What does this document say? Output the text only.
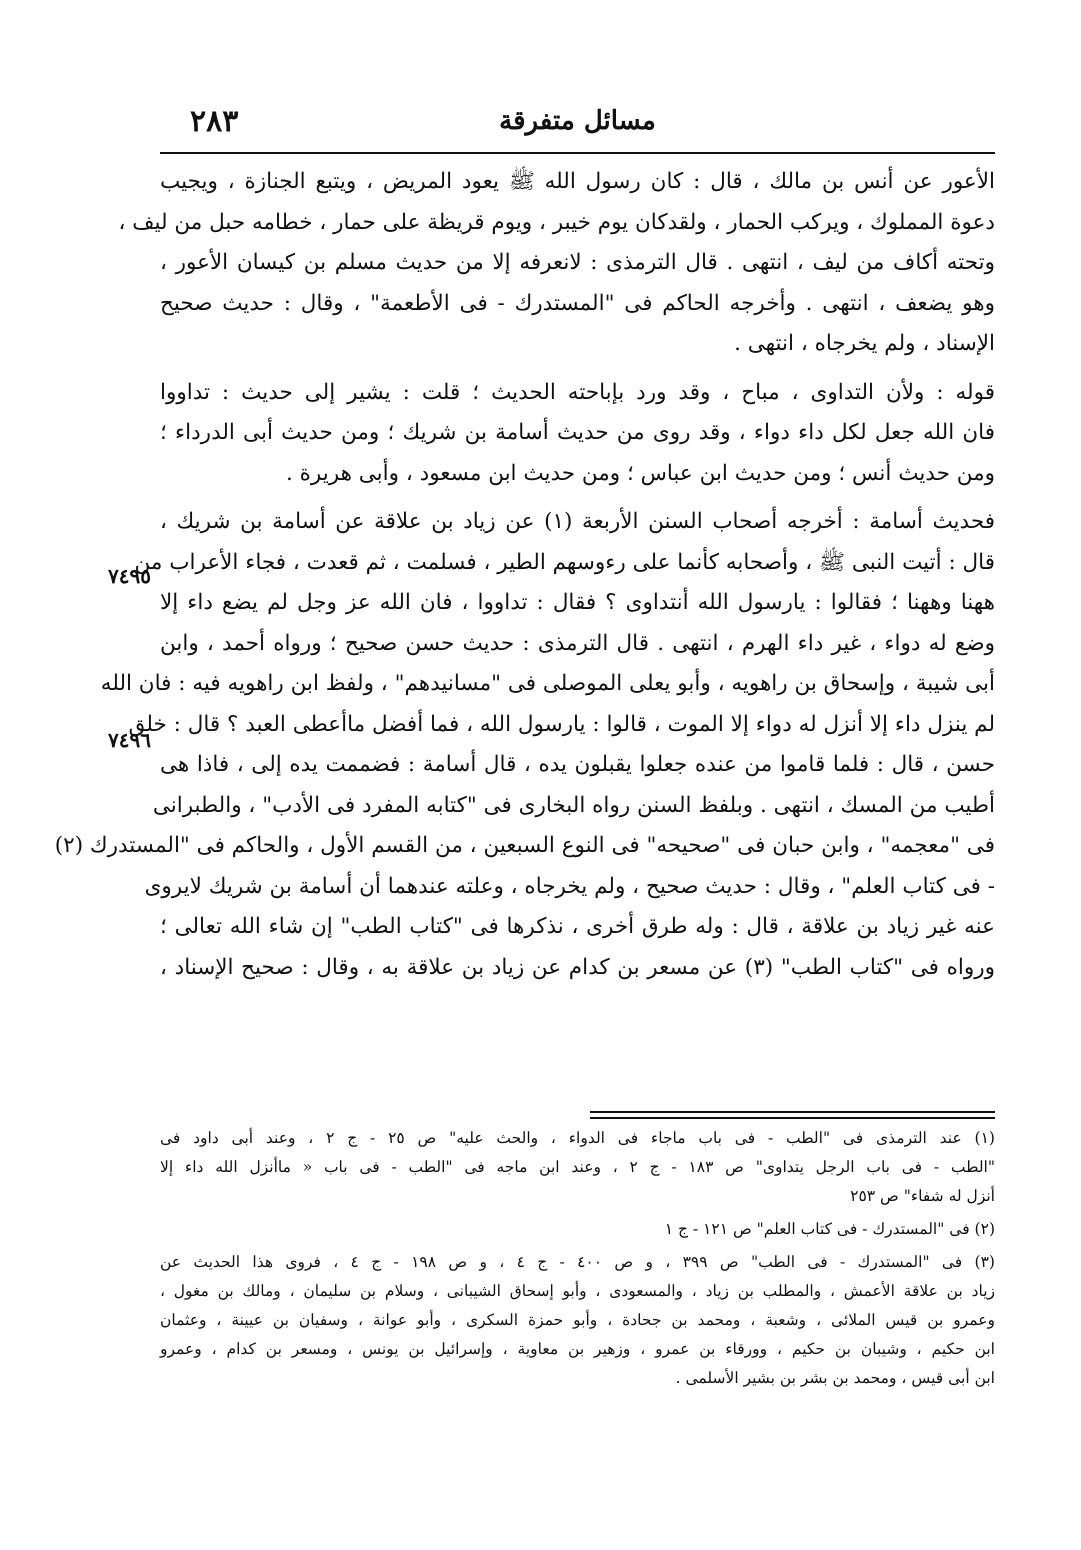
٢٨٣	مسائل متفرقة
٧٤٩٥
٧٤٩٦
الأعور عن أنس بن مالك ، قال : كان رسول الله ﷺ يعود المريض ، ويتبع الجنازة ، ويجيب
دعوة المملوك ، ويركب الحمار ، ولقدكان يوم خيبر ، ويوم قريظة على حمار ، خطامه حبل من ليف ،
وتحته أكاف من ليف ، انتهى . قال الترمذى : لانعرفه إلا من حديث مسلم بن كيسان الأعور ،
وهو يضعف ، انتهى . وأخرجه الحاكم فى "المستدرك - فى الأطعمة" ، وقال : حديث صحيح
الإسناد ، ولم يخرجاه ، انتهى .
قوله : ولأن التداوى ، مباح ، وقد ورد بإباحته الحديث ؛ قلت : يشير إلى حديث : تداووا
فان الله جعل لكل داء دواء ، وقد روى من حديث أسامة بن شريك ؛ ومن حديث أبى الدرداء ؛
ومن حديث أنس ؛ ومن حديث ابن عباس ؛ ومن حديث ابن مسعود ، وأبى هريرة .
فحديث أسامة : أخرجه أصحاب السنن الأربعة (١) عن زياد بن علاقة عن أسامة بن شريك ،
قال : أتيت النبى ﷺ ، وأصحابه كأنما على رءوسهم الطير ، فسلمت ، ثم قعدت ، فجاء الأعراب من
ههنا وههنا ؛ فقالوا : يارسول الله أنتداوى ؟ فقال : تداووا ، فان الله عز وجل لم يضع داء إلا
وضع له دواء ، غير داء الهرم ، انتهى . قال الترمذى : حديث حسن صحيح ؛ ورواه أحمد ، وابن
أبى شيبة ، وإسحاق بن راهويه ، وأبو يعلى الموصلى فى "مسانيدهم" ، ولفظ ابن راهويه فيه : فان الله
لم ينزل داء إلا أنزل له دواء إلا الموت ، قالوا : يارسول الله ، فما أفضل ماأعطى العبد ؟ قال : خلق
حسن ، قال : فلما قاموا من عنده جعلوا يقبلون يده ، قال أسامة : فضممت يده إلى ، فاذا هى
أطيب من المسك ، انتهى . وبلفظ السنن رواه البخارى فى "كتابه المفرد فى الأدب" ، والطبرانى
فى "معجمه" ، وابن حبان فى "صحيحه" فى النوع السبعين ، من القسم الأول ، والحاكم فى "المستدرك (٢)
- فى كتاب العلم" ، وقال : حديث صحيح ، ولم يخرجاه ، وعلته عندهما أن أسامة بن شريك لايروى
عنه غير زياد بن علاقة ، قال : وله طرق أخرى ، نذكرها فى "كتاب الطب" إن شاء الله تعالى ؛
ورواه فى "كتاب الطب" (٣) عن مسعر بن كدام عن زياد بن علاقة به ، وقال : صحيح الإسناد ،
(١) عند الترمذى فى "الطب - فى باب ماجاء فى الدواء ، والحث عليه" ص ٢٥ - ج ٢ ، وعند أبى داود فى
"الطب - فى باب الرجل يتداوى" ص ١٨٣ - ج ٢ ، وعند ابن ماجه فى "الطب - فى باب « ماأنزل الله داء إلا
أنزل له شفاء" ص ٢٥٣
(٢) فى "المستدرك - فى كتاب العلم" ص ١٢١ - ج ١
(٣) فى "المستدرك - فى الطب" ص ٣٩٩ ، و ص ٤٠٠ - ج ٤ ، و ص ١٩٨ - ج ٤ ، فروى هذا الحديث عن
زياد بن علاقة الأعمش ، والمطلب بن زياد ، والمسعودى ، وأبو إسحاق الشيبانى ، وسلام بن سليمان ، ومالك بن مغول ،
وعمرو بن قيس الملائى ، وشعبة ، ومحمد بن جحادة ، وأبو حمزة السكرى ، وأبو عوانة ، وسفيان بن عيينة ، وعثمان
ابن حكيم ، وشيبان بن حكيم ، وورقاء بن عمرو ، وزهير بن معاوية ، وإسرائيل بن يونس ، ومسعر بن كدام ، وعمرو
ابن أبى قيس ، ومحمد بن بشر بن بشير الأسلمى .
